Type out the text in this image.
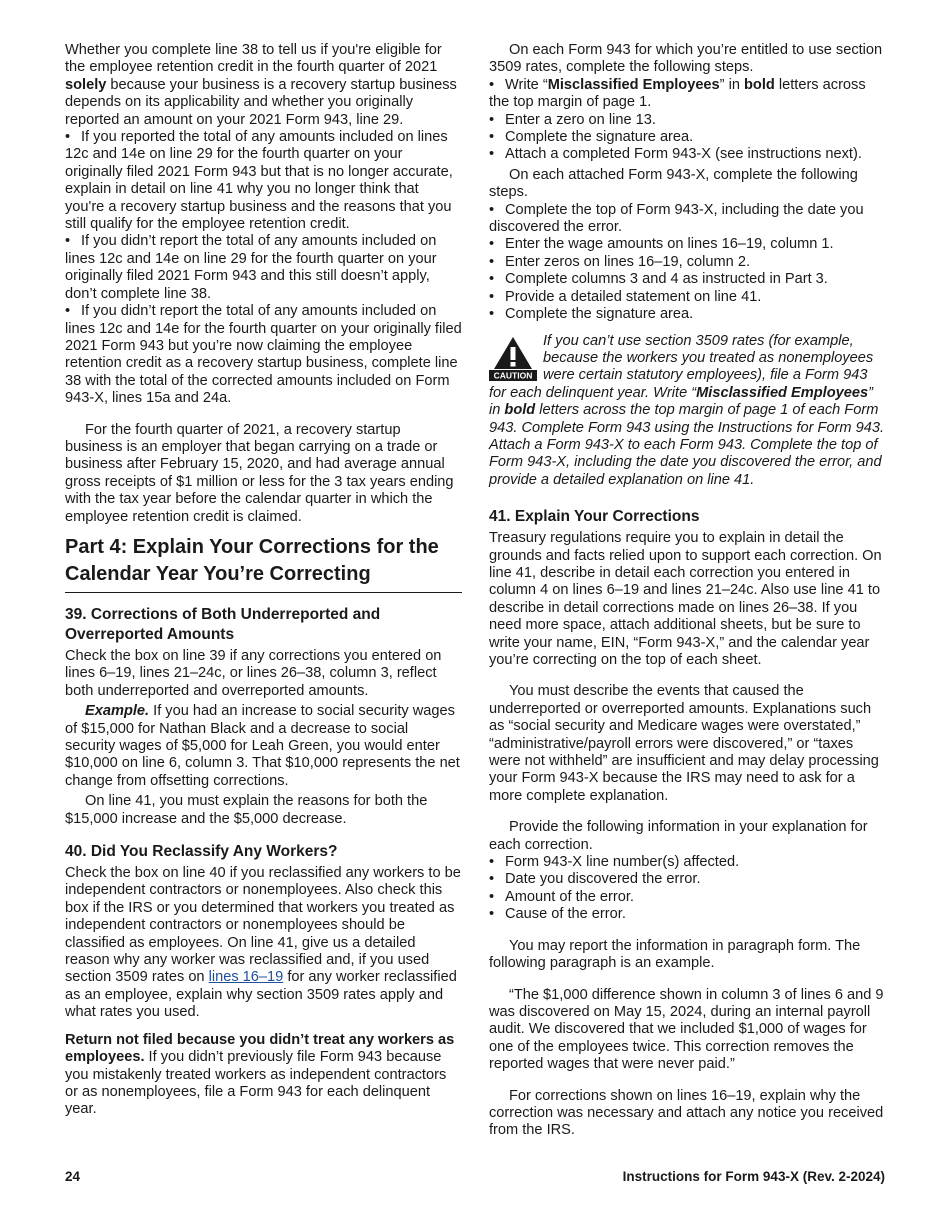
Whether you complete line 38 to tell us if you're eligible for the employee retention credit in the fourth quarter of 2021 solely because your business is a recovery startup business depends on its applicability and whether you originally reported an amount on your 2021 Form 943, line 29.

• If you reported the total of any amounts included on lines 12c and 14e on line 29 for the fourth quarter on your originally filed 2021 Form 943 but that is no longer accurate, explain in detail on line 41 why you no longer think that you're a recovery startup business and the reasons that you still qualify for the employee retention credit.

• If you didn’t report the total of any amounts included on lines 12c and 14e on line 29 for the fourth quarter on your originally filed 2021 Form 943 and this still doesn’t apply, don’t complete line 38.

• If you didn’t report the total of any amounts included on lines 12c and 14e for the fourth quarter on your originally filed 2021 Form 943 but you’re now claiming the employee retention credit as a recovery startup business, complete line 38 with the total of the corrected amounts included on Form 943-X, lines 15a and 24a.

For the fourth quarter of 2021, a recovery startup business is an employer that began carrying on a trade or business after February 15, 2020, and had average annual gross receipts of $1 million or less for the 3 tax years ending with the tax year before the calendar quarter in which the employee retention credit is claimed.

Part 4: Explain Your Corrections for the Calendar Year You’re Correcting
39. Corrections of Both Underreported and Overreported Amounts

Check the box on line 39 if any corrections you entered on lines 6–19, lines 21–24c, or lines 26–38, column 3, reflect both underreported and overreported amounts.

Example. If you had an increase to social security wages of $15,000 for Nathan Black and a decrease to social security wages of $5,000 for Leah Green, you would enter $10,000 on line 6, column 3. That $10,000 represents the net change from offsetting corrections.

On line 41, you must explain the reasons for both the $15,000 increase and the $5,000 decrease.

40. Did You Reclassify Any Workers?

Check the box on line 40 if you reclassified any workers to be independent contractors or nonemployees. Also check this box if the IRS or you determined that workers you treated as independent contractors or nonemployees should be classified as employees. On line 41, give us a detailed reason why any worker was reclassified and, if you used section 3509 rates on lines 16–19 for any worker reclassified as an employee, explain why section 3509 rates apply and what rates you used.

Return not filed because you didn’t treat any workers as employees. If you didn’t previously file Form 943 because you mistakenly treated workers as independent contractors or as nonemployees, file a Form 943 for each delinquent year.

On each Form 943 for which you’re entitled to use section 3509 rates, complete the following steps.

• Write “Misclassified Employees” in bold letters across the top margin of page 1.

• Enter a zero on line 13.

• Complete the signature area.

• Attach a completed Form 943-X (see instructions next).

On each attached Form 943-X, complete the following steps.

• Complete the top of Form 943-X, including the date you discovered the error.

• Enter the wage amounts on lines 16–19, column 1.

• Enter zeros on lines 16–19, column 2.

• Complete columns 3 and 4 as instructed in Part 3.

• Provide a detailed statement on line 41.

• Complete the signature area.

CAUTION
If you can’t use section 3509 rates (for example, because the workers you treated as nonemployees were certain statutory employees), file a Form 943 for each delinquent year. Write “Misclassified Employees” in bold letters across the top margin of page 1 of each Form 943. Complete Form 943 using the Instructions for Form 943. Attach a Form 943-X to each Form 943. Complete the top of Form 943-X, including the date you discovered the error, and provide a detailed explanation on line 41.
41. Explain Your Corrections

Treasury regulations require you to explain in detail the grounds and facts relied upon to support each correction. On line 41, describe in detail each correction you entered in column 4 on lines 6–19 and lines 21–24c. Also use line 41 to describe in detail corrections made on lines 26–38. If you need more space, attach additional sheets, but be sure to write your name, EIN, “Form 943-X,” and the calendar year you’re correcting on the top of each sheet.

You must describe the events that caused the underreported or overreported amounts. Explanations such as “social security and Medicare wages were overstated,” “administrative/payroll errors were discovered,” or “taxes were not withheld” are insufficient and may delay processing your Form 943-X because the IRS may need to ask for a more complete explanation.

Provide the following information in your explanation for each correction.

• Form 943-X line number(s) affected.

• Date you discovered the error.

• Amount of the error.

• Cause of the error.

You may report the information in paragraph form. The following paragraph is an example.

“The $1,000 difference shown in column 3 of lines 6 and 9 was discovered on May 15, 2024, during an internal payroll audit. We discovered that we included $1,000 of wages for one of the employees twice. This correction removes the reported wages that were never paid.”

For corrections shown on lines 16–19, explain why the correction was necessary and attach any notice you received from the IRS.

24	Instructions for Form 943-X (Rev. 2-2024)
